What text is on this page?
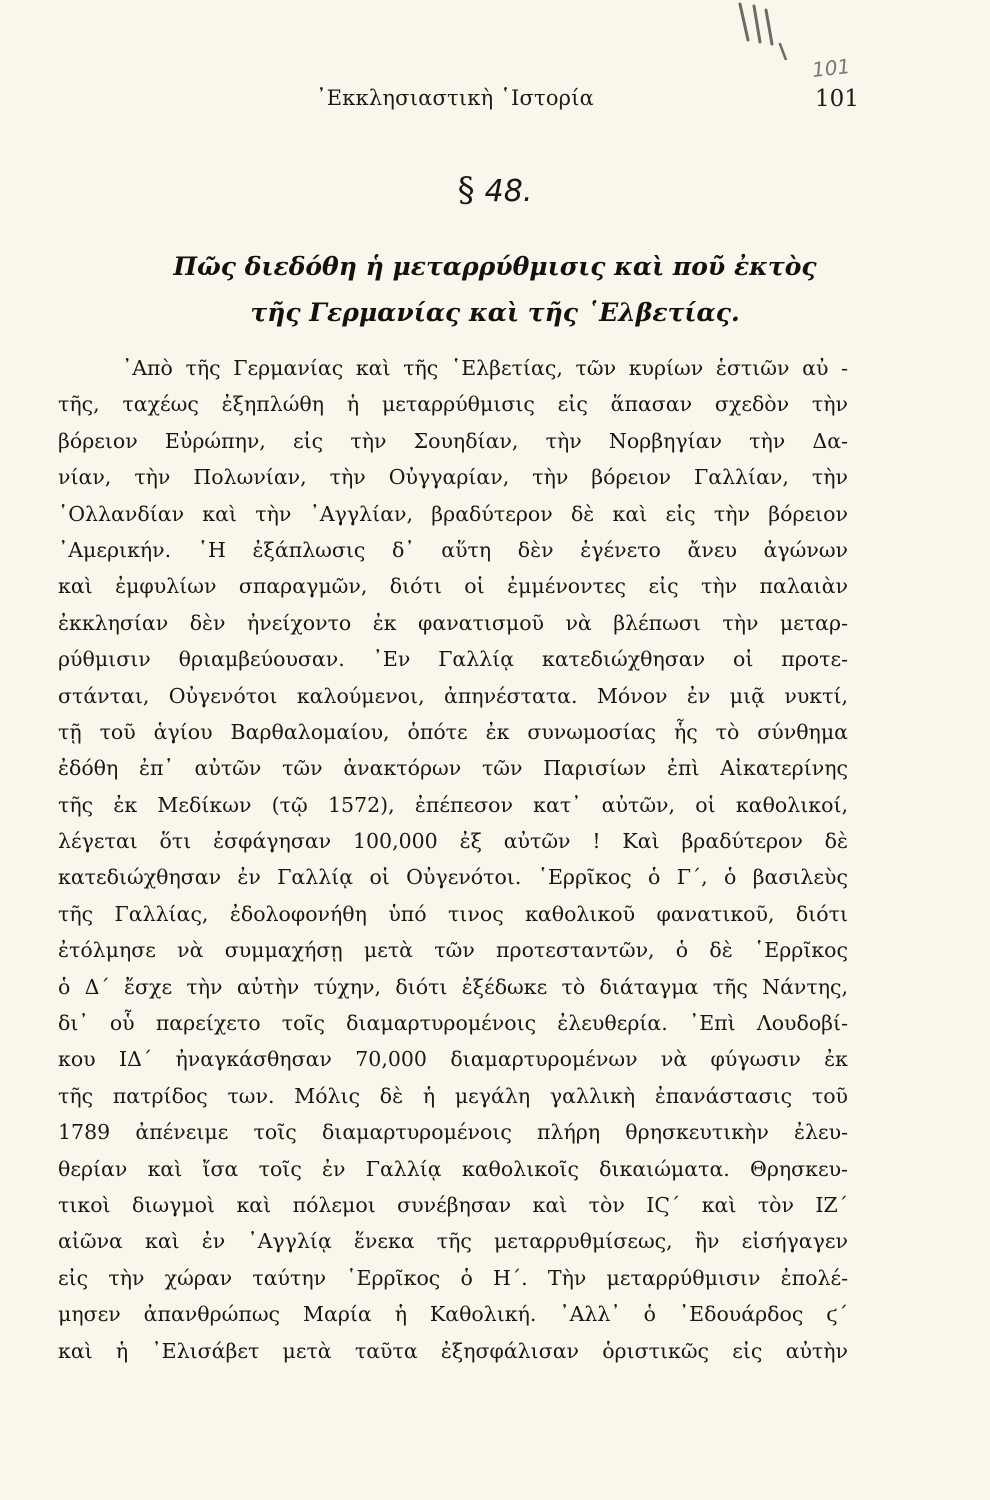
101
᾿Εκκλησιαστικὴ ῾Ιστορία	101
§ 48.
Πῶς διεδόθη ἡ μεταρρύθμισις καὶ ποῦ ἐκτὸς
τῆς Γερμανίας καὶ τῆς ῾Ελβετίας.
᾿Απὸ τῆς Γερμανίας καὶ τῆς ῾Ελβετίας, τῶν κυρίων ἑστιῶν αὐ -
τῆς, ταχέως ἐξηπλώθη ἡ μεταρρύθμισις εἰς ἅπασαν σχεδὸν τὴν
βόρειον Εὐρώπην, εἰς τὴν Σουηδίαν, τὴν Νορβηγίαν τὴν Δα-
νίαν, τὴν Πολωνίαν, τὴν Οὐγγαρίαν, τὴν βόρειον Γαλλίαν, τὴν
῾Ολλανδίαν καὶ τὴν ᾿Αγγλίαν, βραδύτερον δὲ καὶ εἰς τὴν βόρειον
᾿Αμερικήν. ῾Η ἐξάπλωσις δ᾿ αὕτη δὲν ἐγένετο ἄνευ ἀγώνων
καὶ ἐμφυλίων σπαραγμῶν, διότι οἱ ἐμμένοντες εἰς τὴν παλαιὰν
ἐκκλησίαν δὲν ἠνείχοντο ἐκ φανατισμοῦ νὰ βλέπωσι τὴν μεταρ-
ρύθμισιν θριαμβεύουσαν. ᾿Εν Γαλλίᾳ κατεδιώχθησαν οἱ προτε-
στάνται, Οὐγενότοι καλούμενοι, ἀπηνέστατα. Μόνον ἐν μιᾷ νυκτί,
τῇ τοῦ ἁγίου Βαρθαλομαίου, ὁπότε ἐκ συνωμοσίας ἧς τὸ σύνθημα
ἐδόθη ἐπ᾿ αὐτῶν τῶν ἀνακτόρων τῶν Παρισίων ἐπὶ Αἰκατερίνης
τῆς ἐκ Μεδίκων (τῷ 1572), ἐπέπεσον κατ᾿ αὐτῶν, οἱ καθολικοί,
λέγεται ὅτι ἐσφάγησαν 100,000 ἐξ αὐτῶν ! Καὶ βραδύτερον δὲ
κατεδιώχθησαν ἐν Γαλλίᾳ οἱ Οὐγενότοι. ῾Ερρῖκος ὁ Γ΄, ὁ βασιλεὺς
τῆς Γαλλίας, ἐδολοφονήθη ὑπό τινος καθολικοῦ φανατικοῦ, διότι
ἐτόλμησε νὰ συμμαχήσῃ μετὰ τῶν προτεσταντῶν, ὁ δὲ ῾Ερρῖκος
ὁ Δ΄ ἔσχε τὴν αὐτὴν τύχην, διότι ἐξέδωκε τὸ διάταγμα τῆς Νάντης,
δι᾿ οὗ παρείχετο τοῖς διαμαρτυρομένοις ἐλευθερία. ᾿Επὶ Λουδοβί-
κου ΙΔ΄ ἠναγκάσθησαν 70,000 διαμαρτυρομένων νὰ φύγωσιν ἐκ
τῆς πατρίδος των. Μόλις δὲ ἡ μεγάλη γαλλικὴ ἐπανάστασις τοῦ
1789 ἀπένειμε τοῖς διαμαρτυρομένοις πλήρη θρησκευτικὴν ἐλευ-
θερίαν καὶ ἴσα τοῖς ἐν Γαλλίᾳ καθολικοῖς δικαιώματα. Θρησκευ-
τικοὶ διωγμοὶ καὶ πόλεμοι συνέβησαν καὶ τὸν ΙϚ΄ καὶ τὸν ΙΖ΄
αἰῶνα καὶ ἐν ᾿Αγγλίᾳ ἕνεκα τῆς μεταρρυθμίσεως, ἣν εἰσήγαγεν
εἰς τὴν χώραν ταύτην ῾Ερρῖκος ὁ Η΄. Τὴν μεταρρύθμισιν ἐπολέ-
μησεν ἀπανθρώπως Μαρία ἡ Καθολική. ᾿Αλλ᾿ ὁ ᾿Εδουάρδος ϛ΄
καὶ ἡ ᾿Ελισάβετ μετὰ ταῦτα ἐξησφάλισαν ὁριστικῶς εἰς αὐτὴν
